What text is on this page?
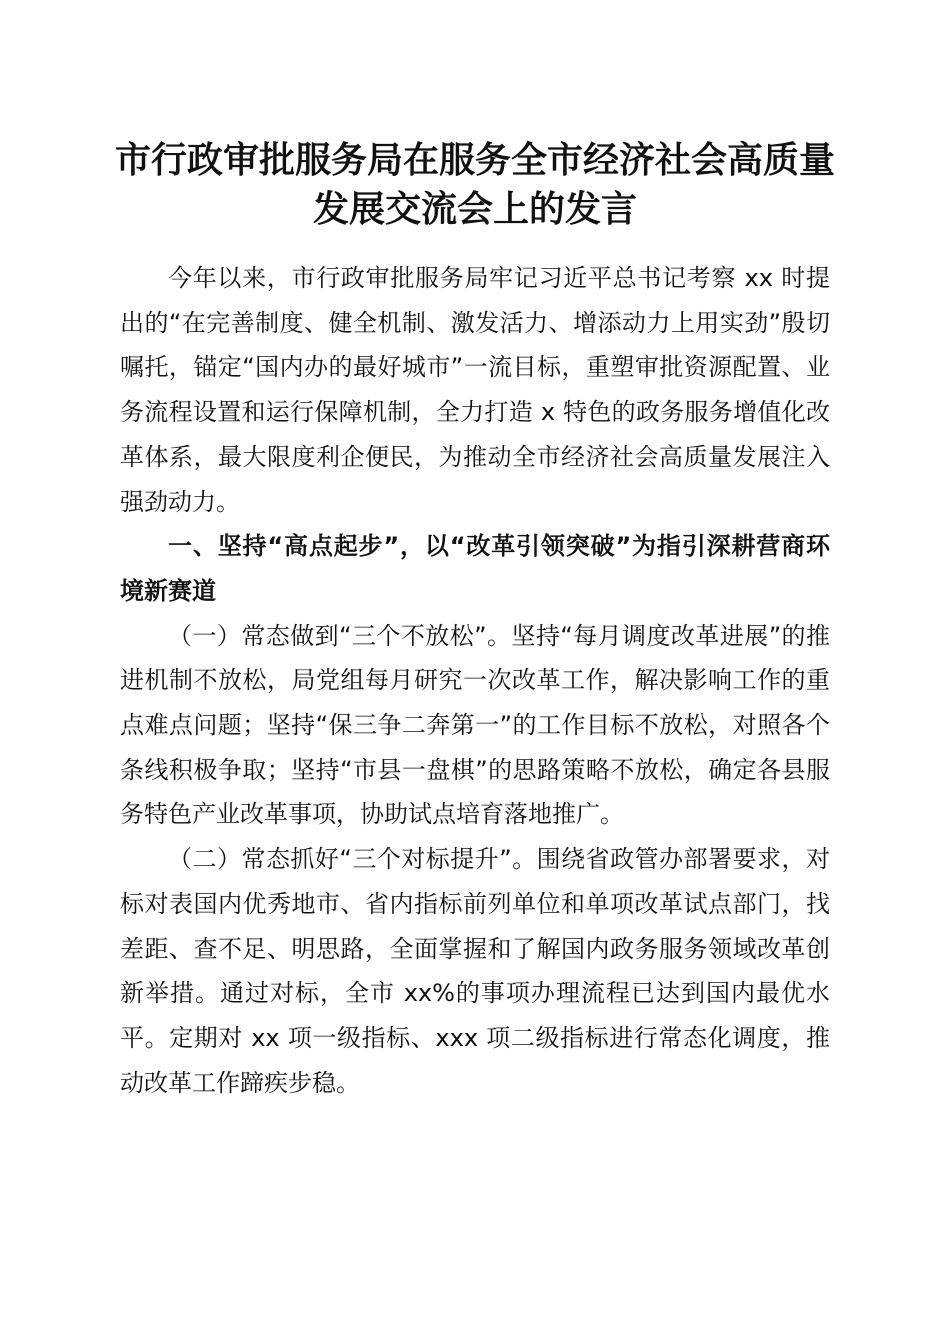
市行政审批服务局在服务全市经济社会高质量
发展交流会上的发言

今年以来，市行政审批服务局牢记习近平总书记考察 xx 时提出的“在完善制度、健全机制、激发活力、增添动力上用实劲”殷切嘱托，锚定“国内办的最好城市”一流目标，重塑审批资源配置、业务流程设置和运行保障机制，全力打造 x 特色的政务服务增值化改革体系，最大限度利企便民，为推动全市经济社会高质量发展注入强劲动力。

一、坚持“高点起步”，以“改革引领突破”为指引深耕营商环境新赛道

（一）常态做到“三个不放松”。坚持“每月调度改革进展”的推进机制不放松，局党组每月研究一次改革工作，解决影响工作的重点难点问题；坚持“保三争二奔第一”的工作目标不放松，对照各个条线积极争取；坚持“市县一盘棋”的思路策略不放松，确定各县服务特色产业改革事项，协助试点培育落地推广。

（二）常态抓好“三个对标提升”。围绕省政管办部署要求，对标对表国内优秀地市、省内指标前列单位和单项改革试点部门，找差距、查不足、明思路，全面掌握和了解国内政务服务领域改革创新举措。通过对标，全市 xx%的事项办理流程已达到国内最优水平。定期对 xx 项一级指标、xxx 项二级指标进行常态化调度，推动改革工作蹄疾步稳。
